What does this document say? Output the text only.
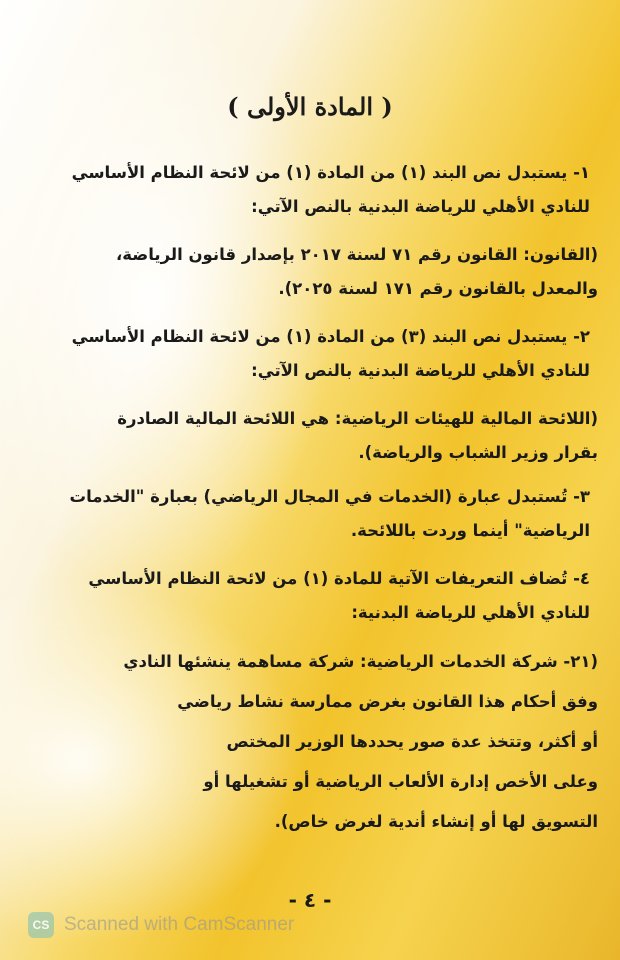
( المادة الأولى )
١- يستبدل نص البند (١) من المادة (١) من لائحة النظام الأساسي
للنادي الأهلي للرياضة البدنية بالنص الآتي:
(القانون: القانون رقم ٧١ لسنة ٢٠١٧ بإصدار قانون الرياضة،
والمعدل بالقانون رقم ١٧١ لسنة ٢٠٢٥).
٢- يستبدل نص البند (٣) من المادة (١) من لائحة النظام الأساسي
للنادي الأهلي للرياضة البدنية بالنص الآتي:
(اللائحة المالية للهيئات الرياضية: هي اللائحة المالية الصادرة
بقرار وزير الشباب والرياضة).
٣- تُستبدل عبارة (الخدمات في المجال الرياضي) بعبارة "الخدمات
الرياضية" أينما وردت باللائحة.
٤- تُضاف التعريفات الآتية للمادة (١) من لائحة النظام الأساسي
للنادي الأهلي للرياضة البدنية:
(٢١- شركة الخدمات الرياضية: شركة مساهمة ينشئها النادي
وفق أحكام هذا القانون بغرض ممارسة نشاط رياضي
أو أكثر، وتتخذ عدة صور يحددها الوزير المختص
وعلى الأخص إدارة الألعاب الرياضية أو تشغيلها أو
التسويق لها أو إنشاء أندية لغرض خاص).
- ٤ -
CS Scanned with CamScanner
